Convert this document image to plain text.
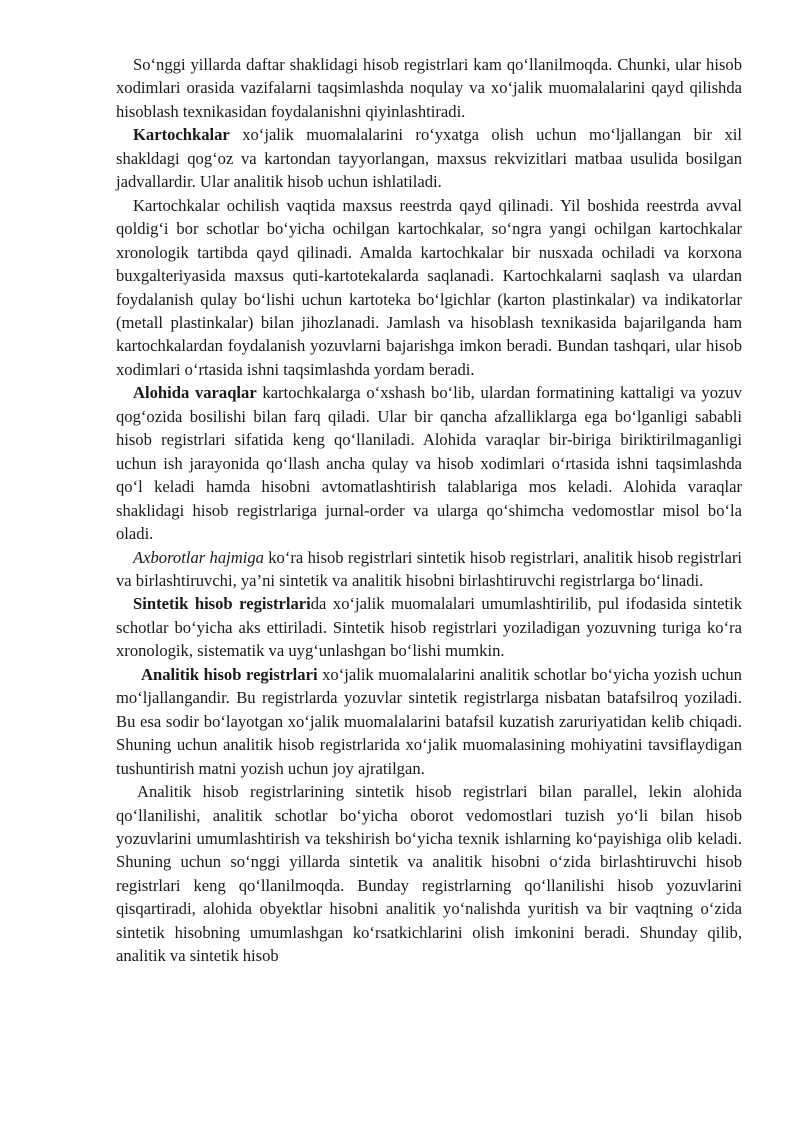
So‘nggi yillarda daftar shaklidagi hisob registrlari kam qo‘llanilmoqda. Chunki, ular hisob xodimlari orasida vazifalarni taqsimlashda noqulay va xo‘jalik muomalalarini qayd qilishda hisoblash texnikasidan foydalanishni qiyinlashtiradi.

Kartochkalar xo‘jalik muomalalarini ro‘yxatga olish uchun mo‘ljallangan bir xil shakldagi qog‘oz va kartondan tayyorlangan, maxsus rekvizitlari matbaa usulida bosilgan jadvallardir. Ular analitik hisob uchun ishlatiladi.

Kartochkalar ochilish vaqtida maxsus reestrda qayd qilinadi. Yil boshida reestrda avval qoldig‘i bor schotlar bo‘yicha ochilgan kartochkalar, so‘ngra yangi ochilgan kartochkalar xronologik tartibda qayd qilinadi. Amalda kartochkalar bir nusxada ochiladi va korxona buxgalteriyasida maxsus quti-kartotekalarda saqlanadi. Kartochkalarni saqlash va ulardan foydalanish qulay bo‘lishi uchun kartoteka bo‘lgichlar (karton plastinkalar) va indikatorlar (metall plastinkalar) bilan jihozlanadi. Jamlash va hisoblash texnikasida bajarilganda ham kartochkalardan foydalanish yozuvlarni bajarishga imkon beradi. Bundan tashqari, ular hisob xodimlari o‘rtasida ishni taqsimlashda yordam beradi.

Alohida varaqlar kartochkalarga o‘xshash bo‘lib, ulardan formatining kattaligi va yozuv qog‘ozida bosilishi bilan farq qiladi. Ular bir qancha afzalliklarga ega bo‘lganligi sababli hisob registrlari sifatida keng qo‘llaniladi. Alohida varaqlar bir-biriga biriktirilmaganligi uchun ish jarayonida qo‘llash ancha qulay va hisob xodimlari o‘rtasida ishni taqsimlashda qo‘l keladi hamda hisobni avtomatlashtirish talablariga mos keladi. Alohida varaqlar shaklidagi hisob registrlariga jurnal-order va ularga qo‘shimcha vedomostlar misol bo‘la oladi.

Axborotlar hajmiga ko‘ra hisob registrlari sintetik hisob registrlari, analitik hisob registrlari va birlashtiruvchi, ya’ni sintetik va analitik hisobni birlashtiruvchi registrlarga bo‘linadi.

Sintetik hisob registrlarida xo‘jalik muomalalari umumlashtirilib, pul ifodasida sintetik schotlar bo‘yicha aks ettiriladi. Sintetik hisob registrlari yoziladigan yozuvning turiga ko‘ra xronologik, sistematik va uyg‘unlashgan bo‘lishi mumkin.

Analitik hisob registrlari xo‘jalik muomalalarini analitik schotlar bo‘yicha yozish uchun mo‘ljallangandir. Bu registrlarda yozuvlar sintetik registrlarga nisbatan batafsilroq yoziladi. Bu esa sodir bo‘layotgan xo‘jalik muomalalarini batafsil kuzatish zaruriyatidan kelib chiqadi. Shuning uchun analitik hisob registrlarida xo‘jalik muomalasining mohiyatini tavsiflaydigan tushuntirish matni yozish uchun joy ajratilgan.

Analitik hisob registrlarining sintetik hisob registrlari bilan parallel, lekin alohida qo‘llanilishi, analitik schotlar bo‘yicha oborot vedomostlari tuzish yo‘li bilan hisob yozuvlarini umumlashtirish va tekshirish bo‘yicha texnik ishlarning ko‘payishiga olib keladi. Shuning uchun so‘nggi yillarda sintetik va analitik hisobni o‘zida birlashtiruvchi hisob registrlari keng qo‘llanilmoqda. Bunday registrlarning qo‘llanilishi hisob yozuvlarini qisqartiradi, alohida obyektlar hisobni analitik yo‘nalishda yuritish va bir vaqtning o‘zida sintetik hisobning umumlashgan ko‘rsatkichlarini olish imkonini beradi. Shunday qilib, analitik va sintetik hisob
